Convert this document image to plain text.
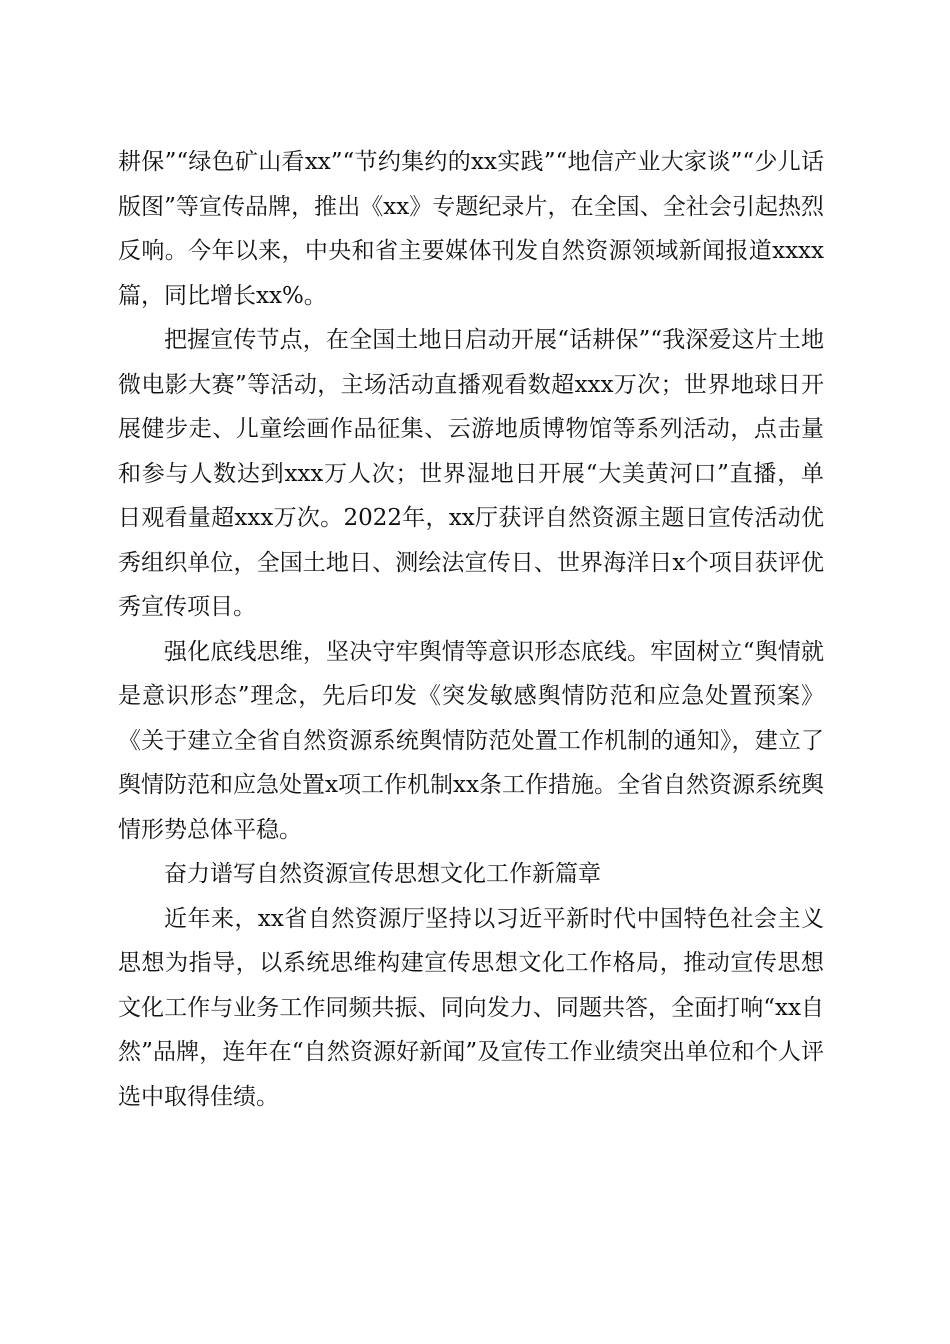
耕保”“绿色矿山看xx”“节约集约的xx实践”“地信产业大家谈”“少儿话版图”等宣传品牌，推出《xx》专题纪录片，在全国、全社会引起热烈反响。今年以来，中央和省主要媒体刊发自然资源领域新闻报道xxxx篇，同比增长xx%。

把握宣传节点，在全国土地日启动开展“话耕保”“我深爱这片土地微电影大赛”等活动，主场活动直播观看数超xxx万次；世界地球日开展健步走、儿童绘画作品征集、云游地质博物馆等系列活动，点击量和参与人数达到xxx万人次；世界湿地日开展“大美黄河口”直播，单日观看量超xxx万次。2022年，xx厅获评自然资源主题日宣传活动优秀组织单位，全国土地日、测绘法宣传日、世界海洋日x个项目获评优秀宣传项目。

强化底线思维，坚决守牢舆情等意识形态底线。牢固树立“舆情就是意识形态”理念，先后印发《突发敏感舆情防范和应急处置预案》《关于建立全省自然资源系统舆情防范处置工作机制的通知》，建立了舆情防范和应急处置x项工作机制xx条工作措施。全省自然资源系统舆情形势总体平稳。

奋力谱写自然资源宣传思想文化工作新篇章

近年来，xx省自然资源厅坚持以习近平新时代中国特色社会主义思想为指导，以系统思维构建宣传思想文化工作格局，推动宣传思想文化工作与业务工作同频共振、同向发力、同题共答，全面打响“xx自然”品牌，连年在“自然资源好新闻”及宣传工作业绩突出单位和个人评选中取得佳绩。
